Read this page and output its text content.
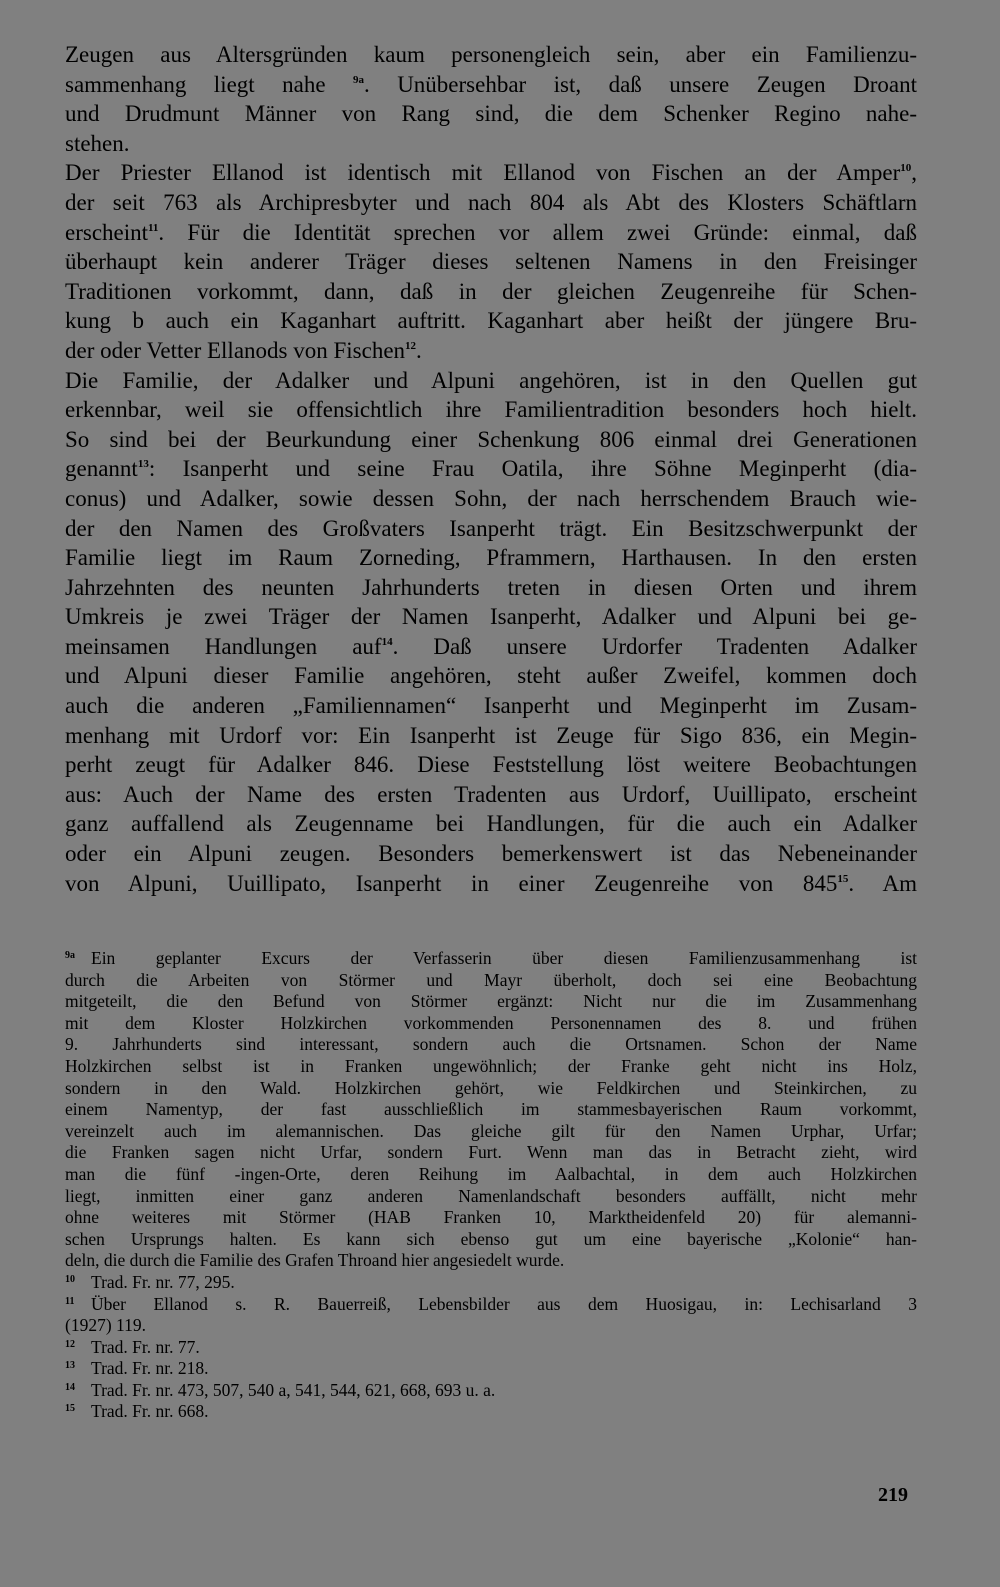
Zeugen aus Altersgründen kaum personengleich sein, aber ein Familienzu-
sammenhang liegt nahe $^{9a}$. Unübersehbar ist, daß unsere Zeugen Droant
und Drudmunt Männer von Rang sind, die dem Schenker Regino nahe-
stehen.

Der Priester Ellanod ist identisch mit Ellanod von Fischen an der Amper$^{10}$,
der seit 763 als Archipresbyter und nach 804 als Abt des Klosters Schäftlarn
erscheint$^{11}$. Für die Identität sprechen vor allem zwei Gründe: einmal, daß
überhaupt kein anderer Träger dieses seltenen Namens in den Freisinger
Traditionen vorkommt, dann, daß in der gleichen Zeugenreihe für Schen-
kung b auch ein Kaganhart auftritt. Kaganhart aber heißt der jüngere Bru-
der oder Vetter Ellanods von Fischen$^{12}$.

Die Familie, der Adalker und Alpuni angehören, ist in den Quellen gut
erkennbar, weil sie offensichtlich ihre Familientradition besonders hoch hielt.
So sind bei der Beurkundung einer Schenkung 806 einmal drei Generationen
genannt$^{13}$: Isanperht und seine Frau Oatila, ihre Söhne Meginperht (dia-
conus) und Adalker, sowie dessen Sohn, der nach herrschendem Brauch wie-
der den Namen des Großvaters Isanperht trägt. Ein Besitzschwerpunkt der
Familie liegt im Raum Zorneding, Pframmern, Harthausen. In den ersten
Jahrzehnten des neunten Jahrhunderts treten in diesen Orten und ihrem
Umkreis je zwei Träger der Namen Isanperht, Adalker und Alpuni bei ge-
meinsamen Handlungen auf$^{14}$. Daß unsere Urdorfer Tradenten Adalker
und Alpuni dieser Familie angehören, steht außer Zweifel, kommen doch
auch die anderen „Familiennamen“ Isanperht und Meginperht im Zusam-
menhang mit Urdorf vor: Ein Isanperht ist Zeuge für Sigo 836, ein Megin-
perht zeugt für Adalker 846. Diese Feststellung löst weitere Beobachtungen
aus: Auch der Name des ersten Tradenten aus Urdorf, Uuillipato, erscheint
ganz auffallend als Zeugenname bei Handlungen, für die auch ein Adalker
oder ein Alpuni zeugen. Besonders bemerkenswert ist das Nebeneinander
von Alpuni, Uuillipato, Isanperht in einer Zeugenreihe von $845^{15}$. Am

9a Ein geplanter Excurs der Verfasserin über diesen Familienzusammenhang ist
durch die Arbeiten von Störmer und Mayr überholt, doch sei eine Beobachtung
mitgeteilt, die den Befund von Störmer ergänzt: Nicht nur die im Zusammenhang
mit dem Kloster Holzkirchen vorkommenden Personennamen des 8. und frühen
9. Jahrhunderts sind interessant, sondern auch die Ortsnamen. Schon der Name
Holzkirchen selbst ist in Franken ungewöhnlich; der Franke geht nicht ins Holz,
sondern in den Wald. Holzkirchen gehört, wie Feldkirchen und Steinkirchen, zu
einem Namentyp, der fast ausschließlich im stammesbayerischen Raum vorkommt,
vereinzelt auch im alemannischen. Das gleiche gilt für den Namen Urphar, Urfar;
die Franken sagen nicht Urfar, sondern Furt. Wenn man das in Betracht zieht, wird
man die fünf -ingen-Orte, deren Reihung im Aalbachtal, in dem auch Holzkirchen
liegt, inmitten einer ganz anderen Namenlandschaft besonders auffällt, nicht mehr
ohne weiteres mit Störmer (HAB Franken 10, Marktheidenfeld 20) für alemanni-
schen Ursprungs halten. Es kann sich ebenso gut um eine bayerische „Kolonie“ han-
deln, die durch die Familie des Grafen Throand hier angesiedelt wurde.
10 Trad. Fr. nr. 77, 295.
11 Über Ellanod s. R. Bauerreiß, Lebensbilder aus dem Huosigau, in: Lechisarland 3
(1927) 119.
12 Trad. Fr. nr. 77.
13 Trad. Fr. nr. 218.
14 Trad. Fr. nr. 473, 507, 540 a, 541, 544, 621, 668, 693 u. a.
15 Trad. Fr. nr. 668.
219
